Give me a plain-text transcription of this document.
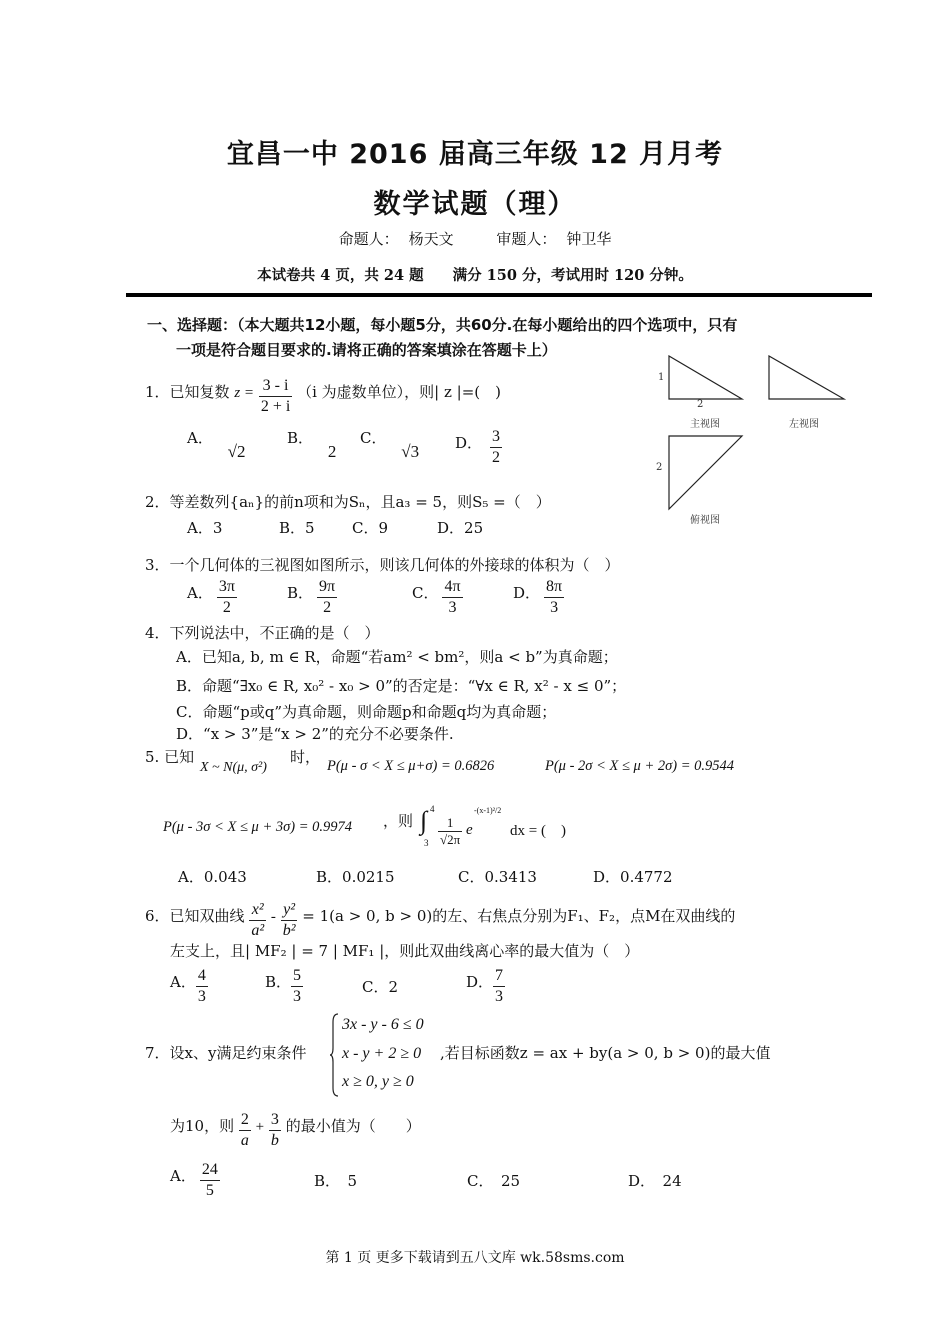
宜昌一中 2016 届高三年级 12 月月考
数学试题（理）
命题人： 杨天文	审题人： 钟卫华
本试卷共 4 页，共 24 题　　满分 150 分，考试用时 120 分钟。
一、选择题：（本大题共12小题，每小题5分，共60分.在每小题给出的四个选项中，只有
一项是符合题目要求的.请将正确的答案填涂在答题卡上）
1
2
主视图	左视图
2
俯视图
1．已知复数 $z = \frac{3 - i}{2 + i} (i$ 为虚数单位），则| z |=(　)
A． √2
B． 2
C． √3 D． $\frac{3}{2}$
2．等差数列{aₙ}的前n项和为Sₙ，且a₃ = 5，则S₅ =（　）
A．3	B．5 C．9	D．25
3．一个几何体的三视图如图所示，则该几何体的外接球的体积为（　）
A． $\frac{3\pi}{2}$	B． $\frac{9\pi}{2}$	C． $\frac{4\pi}{3}$	D． $\frac{8\pi}{3}$
4．下列说法中，不正确的是（　）
A．已知a, b, m ∈ R，命题“若am² < bm²，则a < b”为真命题；
B．命题“∃x₀ ∈ R, x₀² - x₀ > 0”的否定是：“∀x ∈ R, x² - x ≤ 0”；
C．命题“p或q”为真命题，则命题p和命题q均为真命题；
D．“x > 3”是“x > 2”的充分不必要条件.
5. 已知
X ~ N(μ, σ²)
时， P(μ - σ < X ≤ μ+σ) = 0.6826	P(μ - 2σ < X ≤ μ + 2σ) = 0.9544
P(μ - 3σ < X ≤ μ + 3σ) = 0.9974 ，则 ∫ 4
$3 \frac{1}{√2\pi}$ e
-(x-1)²/2
dx = (　)
A．0.043	B．0.0215	C．0.3413	D．0.4772
6．已知双曲线 $\frac{\text{x²}}{\text{a²}} - \frac{\text{y²}}{\text{b²}} = 1(a > 0$, b > 0)的左、右焦点分别为F₁、F₂，点M在双曲线的
左支上，且| MF₂ | = 7 | MF₁ |，则此双曲线离心率的最大值为（　）
A． $\frac{4}{3}$	B． $\frac{5}{3}$	C．2	D． $\frac{7}{3}$
7．设x、y满足约束条件
3x - y - 6 ≤ 0
x - y + 2 ≥ 0
x ≥ 0, y ≥ 0
,若目标函数z = ax + by(a > 0, b > 0)的最大值
为10，则 $\frac{2}{a} + \frac{3}{b}$ 的最小值为（　　）
A． $\frac{24}{5}$	B．　5	C．　25	D．　24
第 1 页 更多下载请到五八文库 wk.58sms.com
